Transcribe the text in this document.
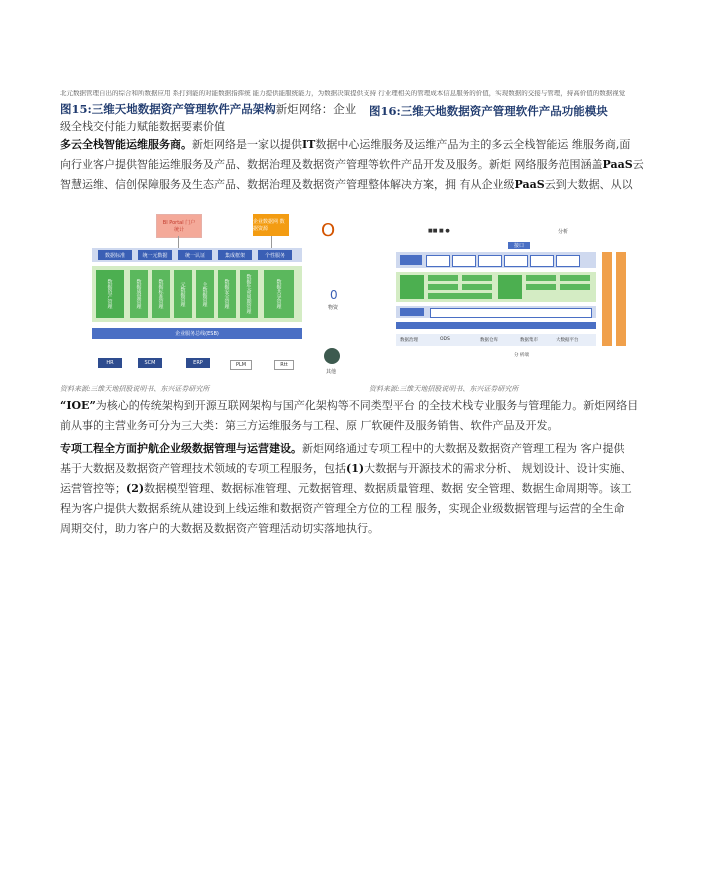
北元数据管理自出的综合和所数据应用 系打到能的对能数据指挥统 能力提供能服统能力，为数据决策提供支持 行业理相关的管理成本信息服务的价值，实现数据的交接与管理，持高价值的数据视觉
图15:三维天地数据资产管理软件产品架构新炬网络：企业 图16:三维天地数据资产管理软件产品功能模块
级全栈交付能力赋能数据要素价值
多云全栈智能运维服务商。新炬网络是一家以提供IT数据中心运维服务及运维产品为主的多云全栈智能运 维服务商,面
向行业客户提供智能运维服务及产品、数据治理及数据资产管理等软件产品开发及服务。新炬 网络服务范围涵盖PaaS云
智慧运维、信创保障服务及生态产品、数据治理及数据资产管理整体解决方案，拥 有从企业级PaaS云到大数据、从以
BI Portal 门户
统计
企业数据网 数据资源
数据标准	统一元数据	统一认证	集成框架	个性服务
数据资产管理	数据质量管理	数据标准管理	元数据管理	主数据管理	数据安全管理	数据生命周期管理	数据共享管理
企业服务总线(ESB)
HR	SCM	ERP	PLM	Rtt
O
0
物资
其他
■■ ■ ●	分析
接口
数据治理	ODS	数据仓库	数据集市	大数据平台
分 析端
资料来源:三维天地招股说明书、东兴证券研究所	资料来源:三维天地招股说明书、东兴证券研究所
“IOE”为核心的传统架构到开源互联网架构与国产化架构等不同类型平台 的全技术栈专业服务与管理能力。新炬网络目
前从事的主营业务可分为三大类：第三方运维服务与工程、原 厂软硬件及服务销售、软件产品及开发。
专项工程全方面护航企业级数据管理与运营建设。新炬网络通过专项工程中的大数据及数据资产管理工程为 客户提供
基于大数据及数据资产管理技术领域的专项工程服务，包括(1)大数据与开源技术的需求分析、 规划设计、设计实施、
运营管控等；(2)数据模型管理、数据标准管理、元数据管理、数据质量管理、数据 安全管理、数据生命周期等。该工
程为客户提供大数据系统从建设到上线运维和数据资产管理全方位的工程 服务，实现企业级数据管理与运营的全生命
周期交付，助力客户的大数据及数据资产管理活动切实落地执行。
